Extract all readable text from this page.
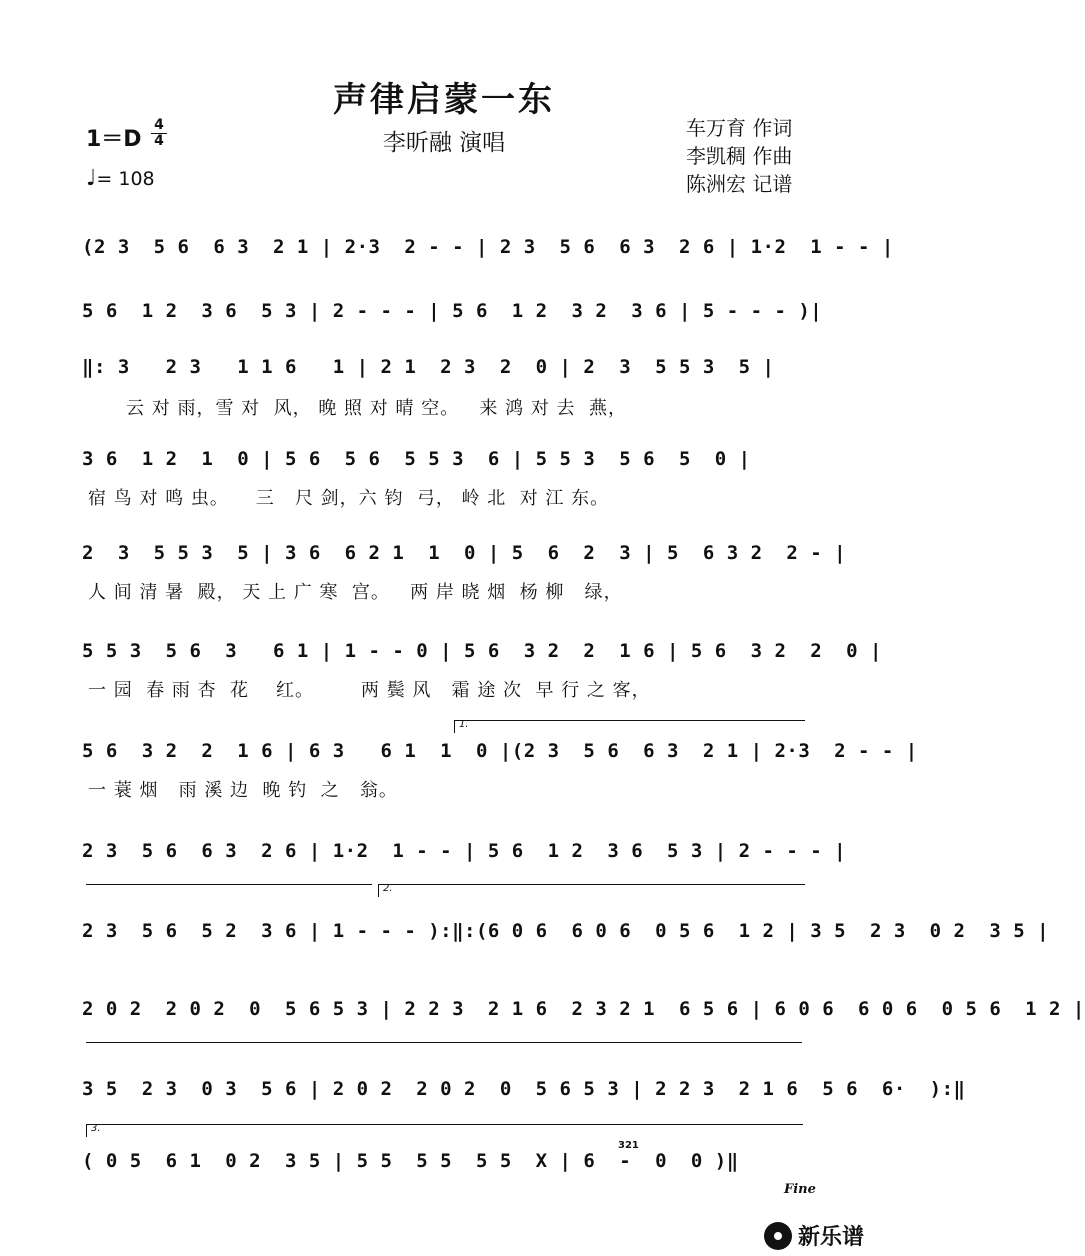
声律启蒙一东
李昕融 演唱
1＝D
4
4
♩= 108
车万育 作词
李凯稠 作曲
陈洲宏 记谱
(2 3  5 6  6 3  2 1 | 2·3  2 - - | 2 3  5 6  6 3  2 6 | 1·2  1 - - |
5 6  1 2  3 6  5 3 | 2 - - - | 5 6  1 2  3 2  3 6 | 5 - - - )|
‖: 3   2 3   1 1 6   1 | 2 1  2 3  2  0 | 2  3  5 5 3  5 |
云 对 雨，雪 对  风， 晚 照 对 晴 空。   来 鸿 对 去  燕，
3 6  1 2  1  0 | 5 6  5 6  5 5 3  6 | 5 5 3  5 6  5  0 |
宿 鸟 对 鸣 虫。    三   尺 剑，六 钧  弓， 岭 北  对 江 东。
2  3  5 5 3  5 | 3 6  6 2 1  1  0 | 5  6  2  3 | 5  6 3 2  2 - |
人 间 清 暑  殿， 天 上 广 寒  宫。   两 岸 晓 烟  杨 柳   绿，
5 5 3  5 6  3   6 1 | 1 - - 0 | 5 6  3 2  2  1 6 | 5 6  3 2  2  0 |
一 园  春 雨 杏  花    红。       两 鬓 风   霜 途 次  早 行 之 客，
1.
5 6  3 2  2  1 6 | 6 3   6 1  1  0 |(2 3  5 6  6 3  2 1 | 2·3  2 - - |
一 蓑 烟   雨 溪 边  晚 钓  之   翁。
2 3  5 6  6 3  2 6 | 1·2  1 - - | 5 6  1 2  3 6  5 3 | 2 - - - |
2.
2 3  5 6  5 2  3 6 | 1 - - - ):‖:(6 0 6  6 0 6  0 5 6  1 2 | 3 5  2 3  0 2  3 5 |
2 0 2  2 0 2  0  5 6 5 3 | 2 2 3  2 1 6  2 3 2 1  6 5 6 | 6 0 6  6 0 6  0 5 6  1 2 |
3 5  2 3  0 3  5 6 | 2 0 2  2 0 2  0  5 6 5 3 | 2 2 3  2 1 6  5 6  6·  ):‖
3.
( 0 5  6 1  0 2  3 5 | 5 5  5 5  5 5  X | 6  -  0  0 )‖
321
Fine
新乐谱
